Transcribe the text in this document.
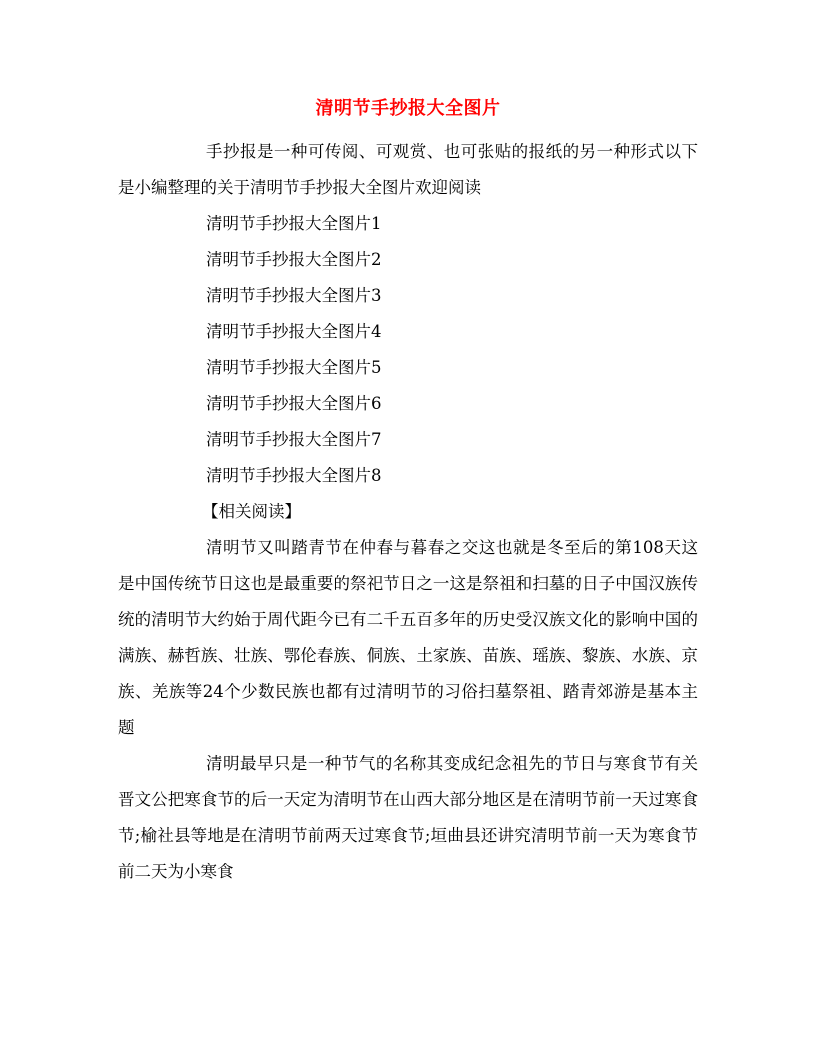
清明节手抄报大全图片

手抄报是一种可传阅、可观赏、也可张贴的报纸的另一种形式以下是小编整理的关于清明节手抄报大全图片欢迎阅读

清明节手抄报大全图片1

清明节手抄报大全图片2

清明节手抄报大全图片3

清明节手抄报大全图片4

清明节手抄报大全图片5

清明节手抄报大全图片6

清明节手抄报大全图片7

清明节手抄报大全图片8

【相关阅读】

清明节又叫踏青节在仲春与暮春之交这也就是冬至后的第108天这是中国传统节日这也是最重要的祭祀节日之一这是祭祖和扫墓的日子中国汉族传统的清明节大约始于周代距今已有二千五百多年的历史受汉族文化的影响中国的满族、赫哲族、壮族、鄂伦春族、侗族、土家族、苗族、瑶族、黎族、水族、京族、羌族等24个少数民族也都有过清明节的习俗扫墓祭祖、踏青郊游是基本主题

清明最早只是一种节气的名称其变成纪念祖先的节日与寒食节有关晋文公把寒食节的后一天定为清明节在山西大部分地区是在清明节前一天过寒食节;榆社县等地是在清明节前两天过寒食节;垣曲县还讲究清明节前一天为寒食节前二天为小寒食
